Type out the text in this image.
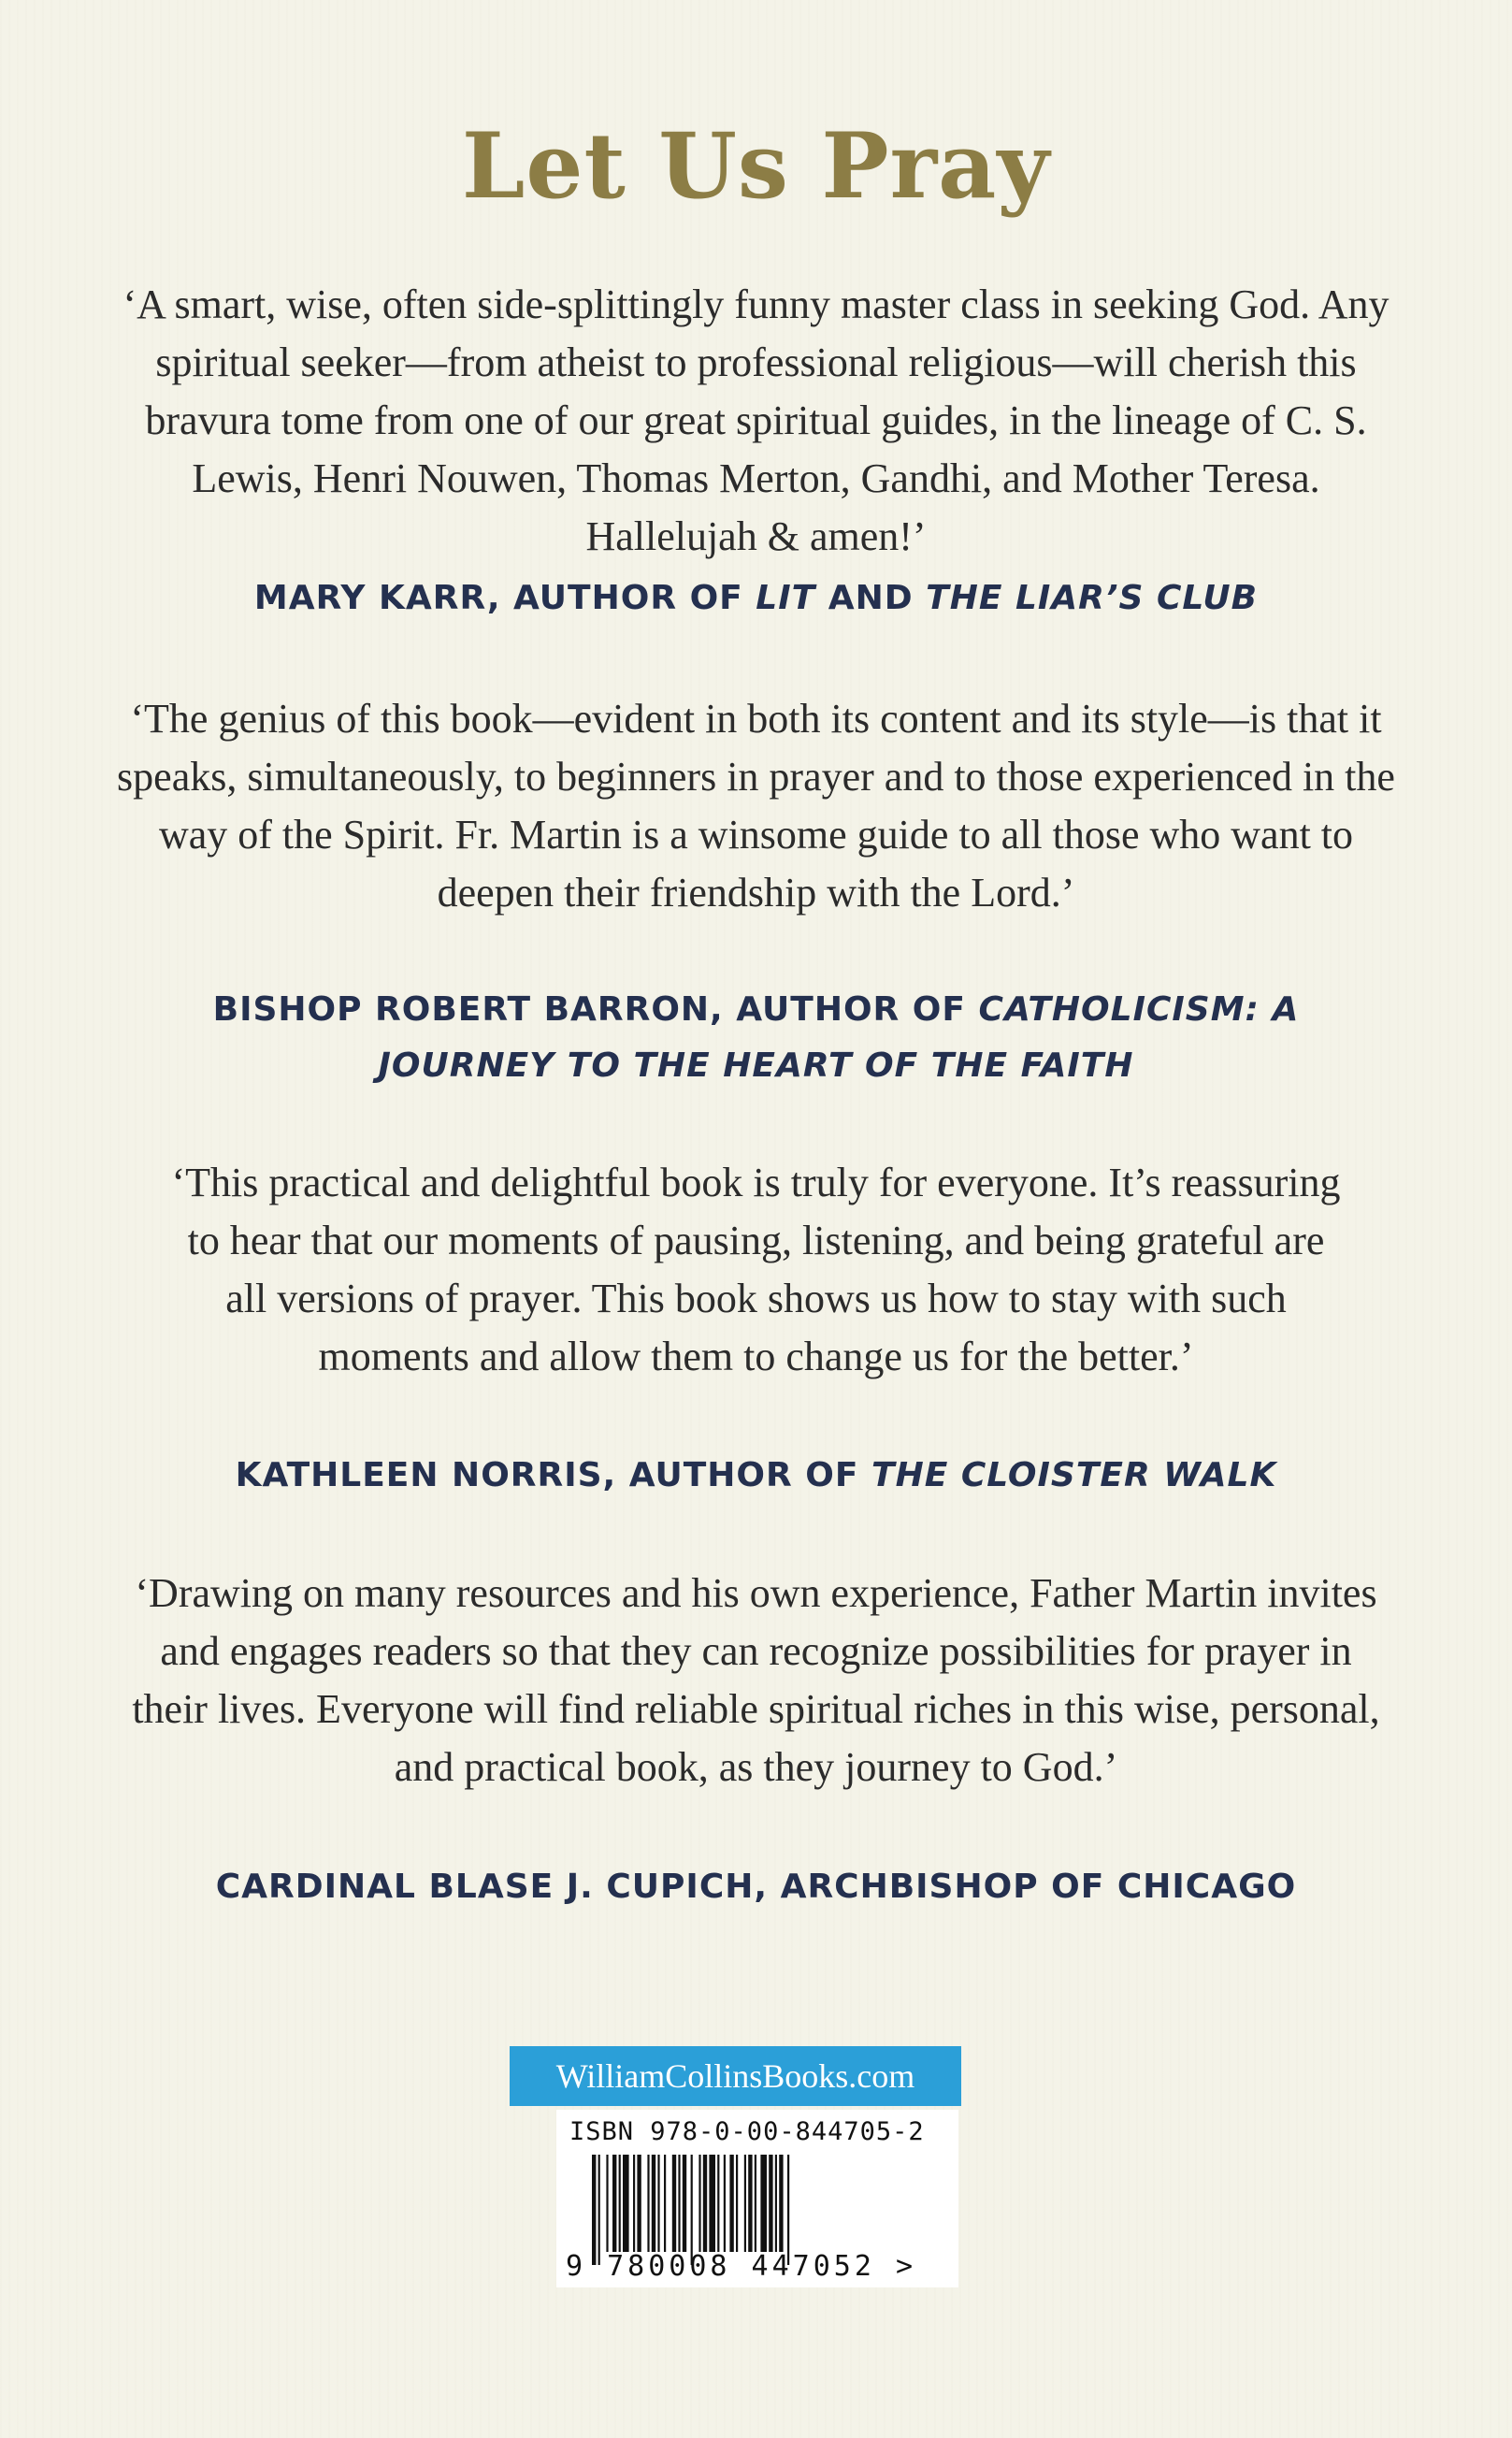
Let Us Pray

‘A smart, wise, often side-splittingly funny master class in seeking God. Any spiritual seeker—from atheist to professional religious—will cherish this bravura tome from one of our great spiritual guides, in the lineage of C. S. Lewis, Henri Nouwen, Thomas Merton, Gandhi, and Mother Teresa. Hallelujah & amen!’

MARY KARR, AUTHOR OF LIT AND THE LIAR’S CLUB

‘The genius of this book—evident in both its content and its style—is that it speaks, simultaneously, to beginners in prayer and to those experienced in the way of the Spirit. Fr. Martin is a winsome guide to all those who want to deepen their friendship with the Lord.’

BISHOP ROBERT BARRON, AUTHOR OF CATHOLICISM: A JOURNEY TO THE HEART OF THE FAITH

‘This practical and delightful book is truly for everyone. It’s reassuring to hear that our moments of pausing, listening, and being grateful are all versions of prayer. This book shows us how to stay with such moments and allow them to change us for the better.’

KATHLEEN NORRIS, AUTHOR OF THE CLOISTER WALK

‘Drawing on many resources and his own experience, Father Martin invites and engages readers so that they can recognize possibilities for prayer in their lives. Everyone will find reliable spiritual riches in this wise, personal, and practical book, as they journey to God.’

CARDINAL BLASE J. CUPICH, ARCHBISHOP OF CHICAGO

WilliamCollinsBooks.com
ISBN 978-0-00-844705-2
9 780008 447052 >
